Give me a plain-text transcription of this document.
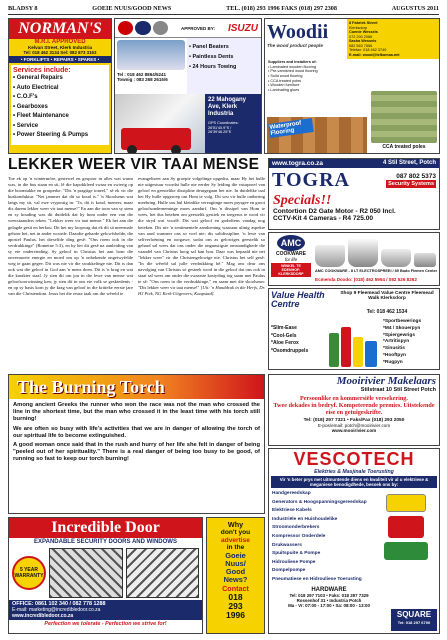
BLADSY 8	GOEIE NUUS/GOOD NEWS	TEL. (018) 293 1996 FAKS (018) 297 2308	AUGUSTUS 2011
NORMAN'S
M.R.I. APPROVED
Kelvan Street, Klerk Industria
Tel: 018 462 3134 Sel: 082 873 3163
• FORKLIFTS • REPAIRS • SPARES •
Services include:
• General Repairs
• Auto Electrical
• C.O.F's
• Gearboxes
• Fleet Maintenance
• Service
• Power Steering & Pumps
APPROVED BY: ISUZU
Tel : 018 462 8864/5241
Townig : 083 268 2615/6
• Panel Beaters
• Paintless Dents
• 24 Hours Towing
22 Mahogany Ave, Klerk Industria
GPS Coordinates:
26'51'40.9"S /
26'39'46.25"E
Woodii
The wood product people
8 Fabriek Street
Klerksdorp
Coenie Wessels
072 290 2066
Sasha Wessels
082 563 7556
Telefax: 018 462 3749
E-mail: wood@telkomsa.net
Suppliers and installers of:
• Laminated wooden flooring
• Pre-varnished wood flooring
• Solid wood flooring
• CCA treated poles
• Wooden furniture
• Laminating glues
Waterproof Flooring
CCA treated poles
LEKKER WEER VIR TAAI MENSE
Toe ek op 'n wintermôre, gestewel en gespoor in alles wat warm was, in die bus staan en sit, lê die kapokkleed swaar en swierig op die boomtakke en grasperke. "Dis 'n pragtige toneel," sê ek vir die buskonduktur. "Net jammer dat dit so koud is." 'n Skoolseun wat langs my sit, val ewe vrypostig in: "Ja, dit is koud, meneer, maar dis darem lekker weer vir taai mense!" En aan die toon van sy stem en sy houding was dit duidelik dat hy hom onder een van die weerstaanders reken. "Lekker weer vir taai mense." Ek het aan die gelagde gesit en herkou. Dit het my loopwag dat ek dit sá meermale gehoor het, net in ander woorde. Daardie geharde gelowfshelde, die apostel Paulus, het dieselfde ding gesê: "Ons roem ook in die verdrukkinge" (Romeine 5:3), en hy het dit gesê na aanleiding van sy eie ondervinding. Sy geloof in Christus het aan hom die onvermoeie energie en moed om op 'n onbekende ongetwyfelde weg te gaan gegee. Dit was nie vir die swakkelinge nie. Dit is dan ook wat die geloof in God aan 'n mens doen. Dit is 'n krag en wat die karakter staal. Jy sien dit om jou in die lewe van mense wat geloofsoorwinning ken; jy sien dit in ons eie volk se geskiedenis - en op sy basis kom jy die krag van geloof in die kritieke eerste jare van die Christendom. Jesus het die reuse taak om die wêreld te
evangeliseer aan Sy groepie volgelinge opgedra, maar Hy het hulle nie uitgestuur voordat hulle nie eerder Sy leiding die vuurproef van geloof en geestelike dissipline deurgegaan het nie. In duidelike taal het Hy hulle opgeroep om Hom te volg. Dit sou vir hulle ontbering meebring. Hulle sou hul kleinlike vereagtinge moes prysgee en groot geloofsonderneminge moes aandurf. Om 'n dissipel van Hom te wees, het dus beteken om geestelik gestiek en toegerus te word vir die stryd wat voorlê. Dis wat geloof en godsdiens vandag nog beteken. Dis nie 'n sentimentele aandoening waaraan ulinig aspekte van aard wanneer ons so voel nie; dis saltdissipline. 'n lewe van selfverloëning en oorgawe, sodat ons as gelowiges geestelik so gehard sal wees dat ons onder die ongunstigste omstandighede die vaandel van Christus hoog sal kan hou. Daar was bepaald nie net "lekker weer" vir die Christengelowige nie. Christus het self gesê: "In die wêreld sal julle verdrukking hê." Mag ons deur ons navolging van Christus só gesteek word in die geloof dat ons ook in staat sal wees om onder die swaarste kastyding tog saam met Paulus te sê: "Ons roem in die verdrukkinge," en saam met die skoolseun: "Dis lekker weer vir taai mense!" [Uit: 'n Handdruk in die Herfs, Dr. HJ Piek, NG Kerk-Uitgewers, Kaapstad].
www.togra.co.za	4 Stil Street, Potch
TOGRA	087 802 5373
Security Systems
Specials!!
Contortion D2 Gate Motor - R2 050 Incl.
CCTV-Kit 4 Cameras - R4 725.00
AMC
COOKWARE
for life
WINKEL TE EDENHOF: KLERKSDORP
AMC COOKWARE - 8 LT ELECTROSPREEI / 89 Bodo Flemen Center
Ecmenda Doxdo: (018) 462 5954 / 082 526 8262
Value Health Centre
Shop 9 Fleemead Value Centre Fleemead Walk Klerksdorp
Tel: 018 462 1534
*Slim-Ease
*Cool-Gels
*Aloe Ferox
*Osomdruppels
*Sportbewerings
*M4 / Skouerpyn
*Spiergewrigs
*Artritispyn
*Sinusitis
*Hooftpyn
*Rugpyn
The Burning Torch
Among ancient Greeks the runner who won the race was not the man who crossed the line in the shortest time, but the man who crossed it in the least time with his torch still burning!
We are often so busy with life's activities that we are in danger of allowing the torch of our spiritual life to become extinguished.
A good woman once said that in the rush and hurry of her life she felt in danger of being "peeled out of her spirituality." There is a real danger of being too busy to be good, of running so fast to keep our torch burning!
Mooirivier Makelaars
Stilstraat 10 Stil Street Potch
Persoonlike en kommersiële versekering.
Twee dekades in bedryf. Kompeterende premies. Uitstekende eise en getuigeskrifte.
Tel: (018) 297 7321 • Faks/Fax (018) 293 2050
E-pos/email: potch@mooirivier.com
www.mooirivier.com
VESCOTECH
Elektries & Masjinale Toerusting
Vir 'n beter prys met uitmuntende diens en kwaliteit vir al u elektriese & meganiese benodigdhede, besoek ons by:
Handgereedskap
Generators & Hoogspanningsgereedskap
Elektriese Kabels
Industriële en Huishoudelike Stroomonderbrekers
Kompressor Onderdele
Drukwassers
Spuitspuite & Pompe
Hidrouliese Pompe
Dompelpompe
Pneumatiese en Hidrouliese Toerusting
HARDWARE
Tel: 018 297 7103 • Faks: 018 297 7329
Rossenhof 31 • Industria Potch
Ma - Vr: 07:00 - 17:00 • Sa: 08:00 - 13:00
SQUARE
Tel: 018 297 6700
Incredible Door
EXPANDABLE SECURITY DOORS AND WINDOWS
5 YEAR WARRANTY
OFFICE: 0861 102 340 / 082 778 1288
E-mail: marketing@incredibledoor.co.za
www.incredibledoor.co.za
Perfection we tolerate - Perfection we strive for!
Why
don't you
advertise
in the
Goeie
Nuus/
Good
News?
Contact
018
293
1996
